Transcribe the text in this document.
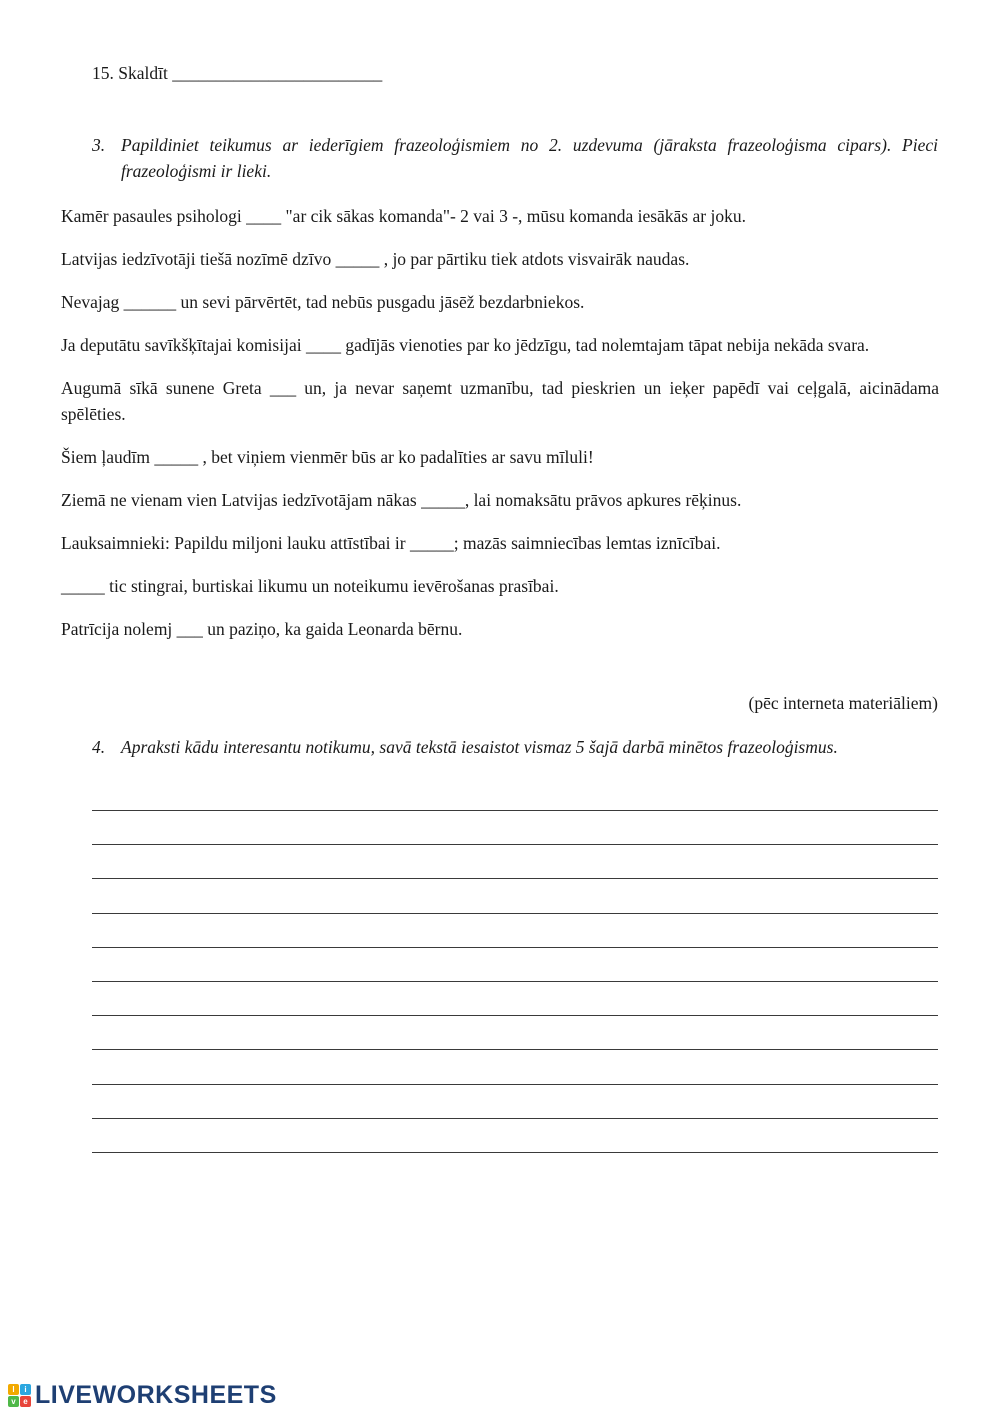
15. Skaldīt ________________________
3. Papildiniet teikumus ar iederīgiem frazeoloģismiem no 2. uzdevuma (jāraksta frazeoloģisma cipars). Pieci frazeoloģismi ir lieki.

Kamēr pasaules psihologi ____ "ar cik sākas komanda"- 2 vai 3 -, mūsu komanda iesākās ar joku.

Latvijas iedzīvotāji tiešā nozīmē dzīvo _____ , jo par pārtiku tiek atdots visvairāk naudas.

Nevajag ______ un sevi pārvērtēt, tad nebūs pusgadu jāsēž bezdarbniekos.

Ja deputātu savīkšķītajai komisijai ____ gadījās vienoties par ko jēdzīgu, tad nolemtajam tāpat nebija nekāda svara.

Augumā sīkā sunene Greta ___ un, ja nevar saņemt uzmanību, tad pieskrien un ieķer papēdī vai ceļgalā, aicinādama spēlēties.

Šiem ļaudīm _____ , bet viņiem vienmēr būs ar ko padalīties ar savu mīluli!

Ziemā ne vienam vien Latvijas iedzīvotājam nākas _____, lai nomaksātu prāvos apkures rēķinus.

Lauksaimnieki: Papildu miljoni lauku attīstībai ir _____; mazās saimniecības lemtas iznīcībai.

_____ tic stingrai, burtiskai likumu un noteikumu ievērošanas prasībai.

Patrīcija nolemj ___ un paziņo, ka gaida Leonarda bērnu.

(pēc interneta materiāliem)
4. Apraksti kādu interesantu notikumu, savā tekstā iesaistot vismaz 5 šajā darbā minētos frazeoloģismus.
l	i
v e LIVEWORKSHEETS
